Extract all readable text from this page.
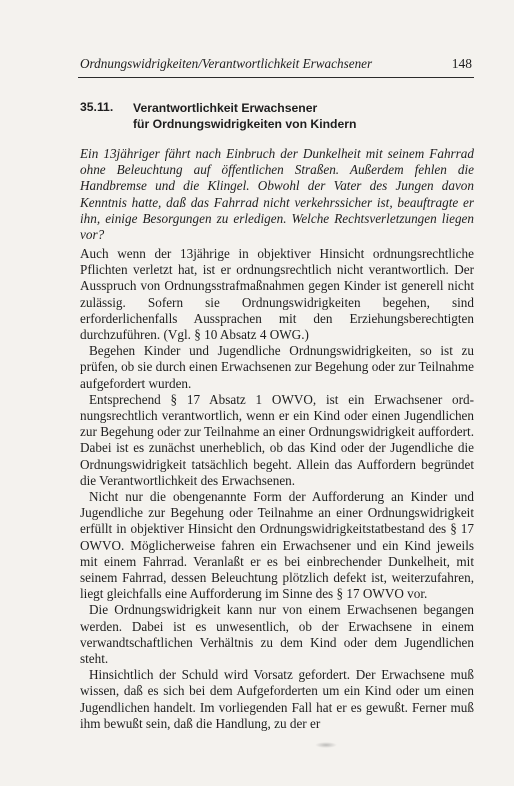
Ordnungswidrigkeiten/Verantwortlichkeit Erwachsener	148
35.11. Verantwortlichkeit Erwachsener
für Ordnungswidrigkeiten von Kindern
Ein 13jähriger fährt nach Einbruch der Dunkelheit mit seinem Fahrrad ohne Beleuchtung auf öffentlichen Straßen. Außerdem fehlen die Handbremse und die Klingel. Obwohl der Vater des Jungen davon Kenntnis hatte, daß das Fahrrad nicht verkehrssicher ist, beauftragte er ihn, einige Besorgungen zu erledigen. Welche Rechtsverletzungen liegen vor?

Auch wenn der 13jährige in objektiver Hinsicht ordnungsrechtliche Pflichten verletzt hat, ist er ordnungsrechtlich nicht verantwortlich. Der Ausspruch von Ordnungsstrafmaßnahmen gegen Kinder ist generell nicht zulässig. Sofern sie Ordnungswidrigkeiten begehen, sind erforderlichenfalls Aussprachen mit den Erziehungsberechtigten durchzuführen. (Vgl. § 10 Absatz 4 OWG.)

Begehen Kinder und Jugendliche Ordnungswidrigkeiten, so ist zu prüfen, ob sie durch einen Erwachsenen zur Begehung oder zur Teilnahme aufgefordert wurden.

Entsprechend § 17 Absatz 1 OWVO, ist ein Erwachsener ordnungsrechtlich verantwortlich, wenn er ein Kind oder einen Jugendlichen zur Begehung oder zur Teilnahme an einer Ordnungswidrigkeit auffordert. Dabei ist es zunächst unerheblich, ob das Kind oder der Jugendliche die Ordnungswidrigkeit tatsächlich begeht. Allein das Auffordern begründet die Verantwortlichkeit des Erwachsenen.

Nicht nur die obengenannte Form der Aufforderung an Kinder und Jugendliche zur Begehung oder Teilnahme an einer Ordnungswidrigkeit erfüllt in objektiver Hinsicht den Ordnungswidrigkeitstatbestand des § 17 OWVO. Möglicherweise fahren ein Erwachsener und ein Kind jeweils mit einem Fahrrad. Veranlaßt er es bei einbrechender Dunkelheit, mit seinem Fahrrad, dessen Beleuchtung plötzlich defekt ist, weiterzufahren, liegt gleichfalls eine Aufforderung im Sinne des § 17 OWVO vor.

Die Ordnungswidrigkeit kann nur von einem Erwachsenen begangen werden. Dabei ist es unwesentlich, ob der Erwachsene in einem verwandtschaftlichen Verhältnis zu dem Kind oder dem Jugendlichen steht.

Hinsichtlich der Schuld wird Vorsatz gefordert. Der Erwachsene muß wissen, daß es sich bei dem Aufgeforderten um ein Kind oder um einen Jugendlichen handelt. Im vorliegenden Fall hat er es gewußt. Ferner muß ihm bewußt sein, daß die Handlung, zu der er
